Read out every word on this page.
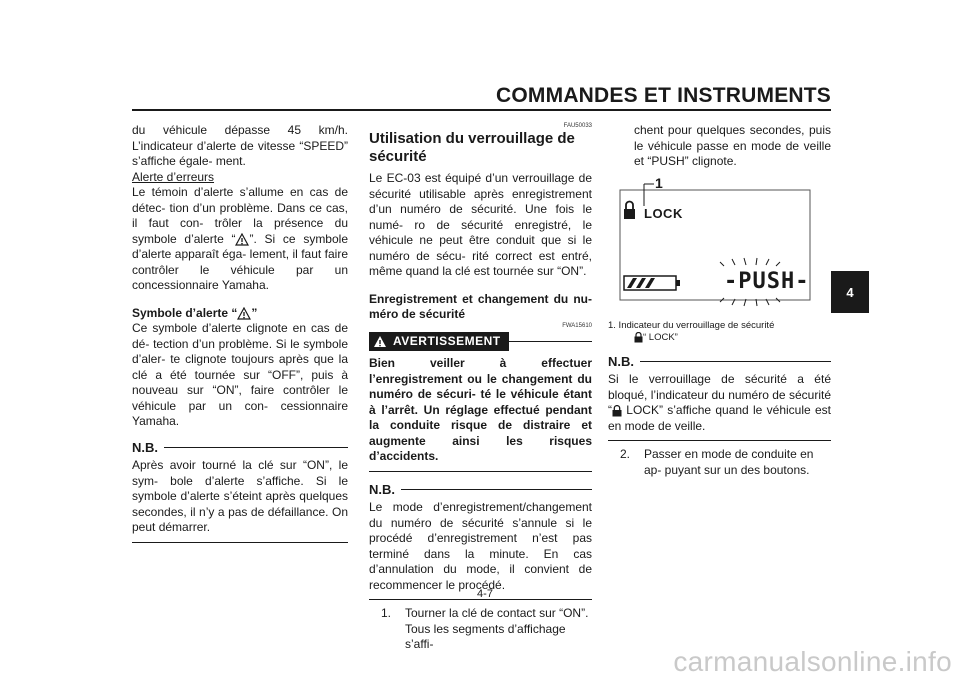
COMMANDES ET INSTRUMENTS
4

du véhicule dépasse 45 km/h. L’indicateur d’alerte de vitesse “SPEED” s’affiche égale- ment.

Alerte d’erreurs

Le témoin d’alerte s’allume en cas de détec- tion d’un problème. Dans ce cas, il faut con- trôler la présence du symbole d’alerte “ ”. Si ce symbole d’alerte apparaît éga- lement, il faut faire contrôler le véhicule par un concessionnaire Yamaha.

Symbole d’alerte “ ”

Ce symbole d’alerte clignote en cas de dé- tection d’un problème. Si le symbole d’aler- te clignote toujours après que la clé a été tournée sur “OFF”, puis à nouveau sur “ON”, faire contrôler le véhicule par un con- cessionnaire Yamaha.

N.B.

Après avoir tourné la clé sur “ON”, le sym- bole d’alerte s’affiche. Si le symbole d’alerte s’éteint après quelques secondes, il n’y a pas de défaillance. On peut démarrer.

FAU50033
Utilisation du verrouillage de sécurité

Le EC-03 est équipé d’un verrouillage de sécurité utilisable après enregistrement d’un numéro de sécurité. Une fois le numé- ro de sécurité enregistré, le véhicule ne peut être conduit que si le numéro de sécu- rité correct est entré, même quand la clé est tournée sur “ON”.

Enregistrement et changement du nu- méro de sécurité

FWA15610
AVERTISSEMENT

Bien veiller à effectuer l’enregistrement ou le changement du numéro de sécuri- té le véhicule étant à l’arrêt. Un réglage effectué pendant la conduite risque de distraire et augmente ainsi les risques d’accidents.

N.B.

Le mode d’enregistrement/changement du numéro de sécurité s’annule si le procédé d’enregistrement n’est pas terminé dans la minute. En cas d’annulation du mode, il convient de recommencer le procédé.

1.	Tourner la clé de contact sur “ON”. Tous les segments d’affichage s’affi-

chent pour quelques secondes, puis le véhicule passe en mode de veille et “PUSH” clignote.

1
LOCK
-PUSH-

1. Indicateur du verrouillage de sécurité

“ LOCK”

N.B.

Si le verrouillage de sécurité a été bloqué, l’indicateur du numéro de sécurité “ LOCK” s’affiche quand le véhicule est en mode de veille.

2.	Passer en mode de conduite en ap- puyant sur un des boutons.
4-7
carmanualsonline.info
